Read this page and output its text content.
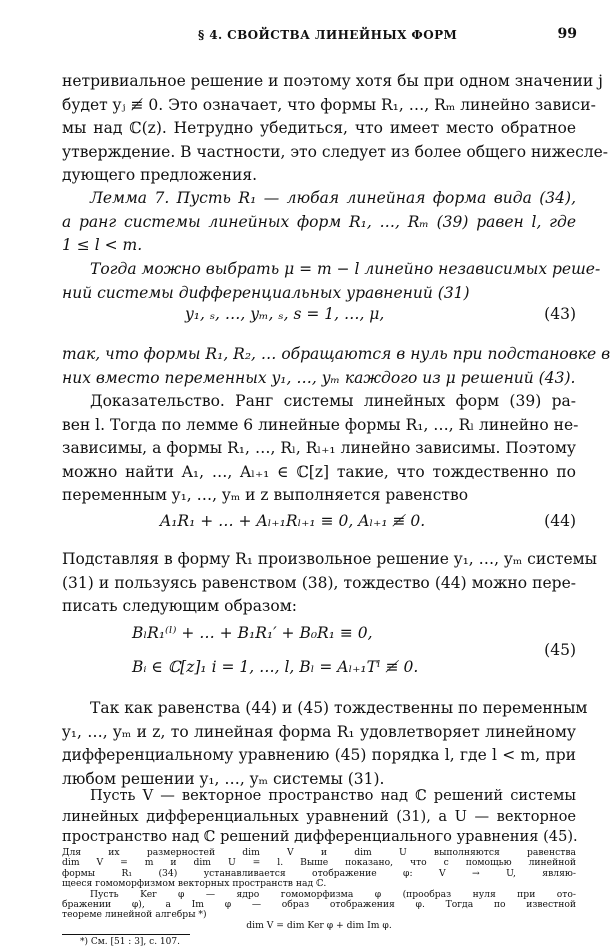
§ 4. СВОЙСТВА ЛИНЕЙНЫХ ФОРМ	99
нетривиальное решение и поэтому хотя бы при одном значении j
будет yⱼ ≢ 0. Это означает, что формы R₁, …, Rₘ линейно зависи-
мы над ℂ(z). Нетрудно убедиться, что имеет место обратное
утверждение. В частности, это следует из более общего нижесле-
дующего предложения.
Лемма 7. Пусть R₁ — любая линейная форма вида (34),
а ранг системы линейных форм R₁, …, Rₘ (39) равен l, где
1 ≤ l < m.
Тогда можно выбрать μ = m − l линейно независимых реше-
ний системы дифференциальных уравнений (31)
y₁, ₛ, …, yₘ, ₛ, s = 1, …, μ,	(43)
так, что формы R₁, R₂, … обращаются в нуль при подстановке в
них вместо переменных y₁, …, yₘ каждого из μ решений (43).
Доказательство. Ранг системы линейных форм (39) ра-
вен l. Тогда по лемме 6 линейные формы R₁, …, Rₗ линейно не-
зависимы, а формы R₁, …, Rₗ, Rₗ₊₁ линейно зависимы. Поэтому
можно найти A₁, …, Aₗ₊₁ ∈ ℂ[z] такие, что тождественно по
переменным y₁, …, yₘ и z выполняется равенство
A₁R₁ + … + Aₗ₊₁Rₗ₊₁ ≡ 0, Aₗ₊₁ ≢ 0.	(44)
Подставляя в форму R₁ произвольное решение y₁, …, yₘ системы
(31) и пользуясь равенством (38), тождество (44) можно пере-
писать следующим образом:
BₗR₁⁽ˡ⁾ + … + B₁R₁′ + B₀R₁ ≡ 0,
Bᵢ ∈ ℂ[z]₁ i = 1, …, l, Bₗ = Aₗ₊₁Tˡ ≢ 0.
(45)
Так как равенства (44) и (45) тождественны по переменным
y₁, …, yₘ и z, то линейная форма R₁ удовлетворяет линейному
дифференциальному уравнению (45) порядка l, где l < m, при
любом решении y₁, …, yₘ системы (31).
Пусть V — векторное пространство над ℂ решений системы
линейных дифференциальных уравнений (31), а U — векторное
пространство над ℂ решений дифференциального уравнения (45).
Для их размерностей dim V и dim U выполняются равенства
dim V = m и dim U = l. Выше показано, что с помощью линейной
формы R₁ (34) устанавливается отображение φ: V → U, являю-
щееся гомоморфизмом векторных пространств над ℂ.
Пусть Ker φ — ядро гомоморфизма φ (прообраз нуля при ото-
бражении φ), а Im φ — образ отображения φ. Тогда по известной
теореме линейной алгебры *)
dim V = dim Ker φ + dim Im φ.
*) См. [51 : 3], с. 107.
